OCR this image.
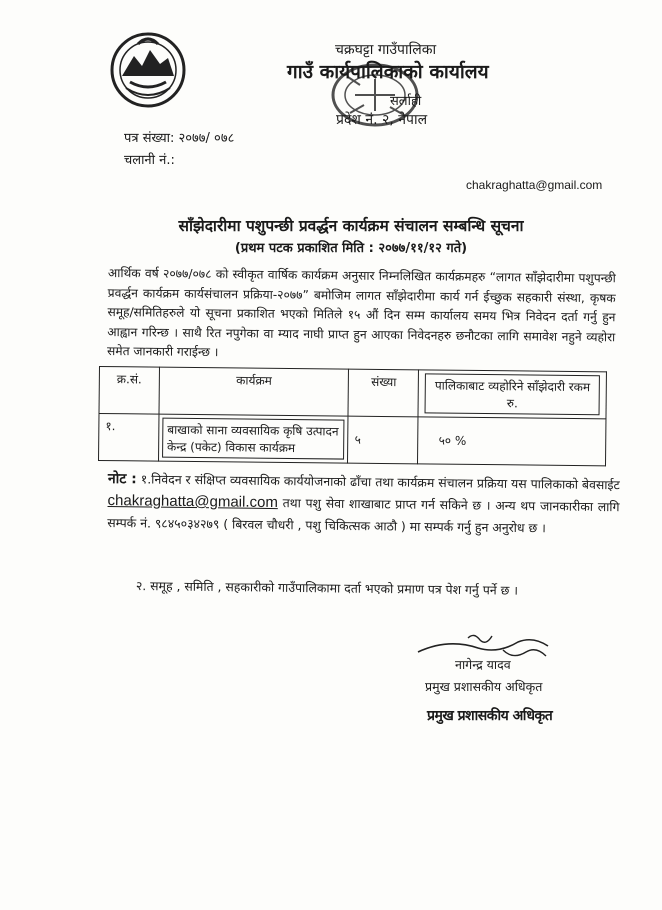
चक्रघट्टा गाउँपालिका
गाउँ कार्यपालिकाको कार्यालय
सर्लाही
प्रदेश नं. २, नेपाल
पत्र संख्या: २०७७/ ०७८
चलानी नं.:
chakraghatta@gmail.com
साँझेदारीमा पशुपन्छी प्रवर्द्धन कार्यक्रम संचालन सम्बन्धि सूचना
(प्रथम पटक प्रकाशित मिति : २०७७/११/१२ गते)
आर्थिक वर्ष २०७७/०७८ को स्वीकृत वार्षिक कार्यक्रम अनुसार निम्नलिखित कार्यक्रमहरु “लागत साँझेदारीमा पशुपन्छी प्रवर्द्धन कार्यक्रम कार्यसंचालन प्रक्रिया-२०७७” बमोजिम लागत साँझेदारीमा कार्य गर्न ईच्छुक सहकारी संस्था, कृषक समूह/समितिहरुले यो सूचना प्रकाशित भएको मितिले १५ औं दिन सम्म कार्यालय समय भित्र निवेदन दर्ता गर्नु हुन आह्वान गरिन्छ । साथै रित नपुगेका वा म्याद नाघी प्राप्त हुन आएका निवेदनहरु छनौटका लागि समावेश नहुने व्यहोरा समेत जानकारी गराईन्छ ।
क्र.सं.	कार्यक्रम	संख्या	पालिकाबाट व्यहोरिने साँझेदारी रकम रु.

१.	बाखाको साना व्यवसायिक कृषि उत्पादन केन्द्र (पकेट) विकास कार्यक्रम	५	५० %
नोट : १.निवेदन र संक्षिप्त व्यवसायिक कार्ययोजनाको ढाँचा तथा कार्यक्रम संचालन प्रक्रिया यस पालिकाको बेवसाईट chakraghatta@gmail.com तथा पशु सेवा शाखाबाट प्राप्त गर्न सकिने छ । अन्य थप जानकारीका लागि सम्पर्क नं. ९८४५०३४२७९ ( बिरवल चौधरी , पशु चिकित्सक आठौ ) मा सम्पर्क गर्नु हुन अनुरोध छ ।
२. समूह , समिति , सहकारीको गाउँपालिकामा दर्ता भएको प्रमाण पत्र पेश गर्नु पर्ने छ ।
नागेन्द्र यादव
प्रमुख प्रशासकीय अधिकृत
प्रमुख प्रशासकीय अधिकृत
